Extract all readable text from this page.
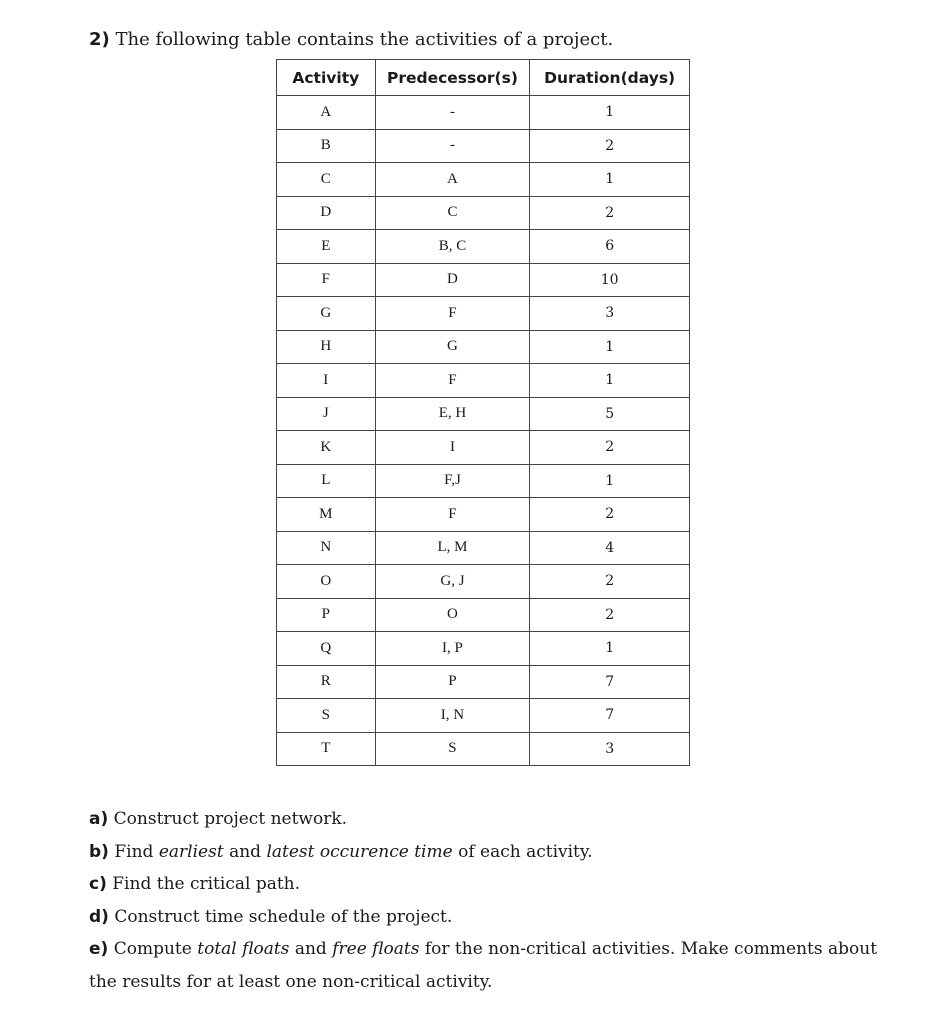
2) The following table contains the activities of a project.
Activity	Predecessor(s)	Duration(days)
A	-	1
B	-	2
C	A	1
D	C	2
E	B, C	6
F	D	10
G	F	3
H	G	1
I	F	1
J	E, H	5
K	I	2
L	F,J	1
M	F	2
N	L, M	4
O	G, J	2
P	O	2
Q	I, P	1
R	P	7
S	I, N	7
T	S	3

a) Construct project network.

b) Find earliest and latest occurence time of each activity.

c) Find the critical path.

d) Construct time schedule of the project.

e) Compute total floats and free floats for the non-critical activities. Make comments about the results for at least one non-critical activity.
